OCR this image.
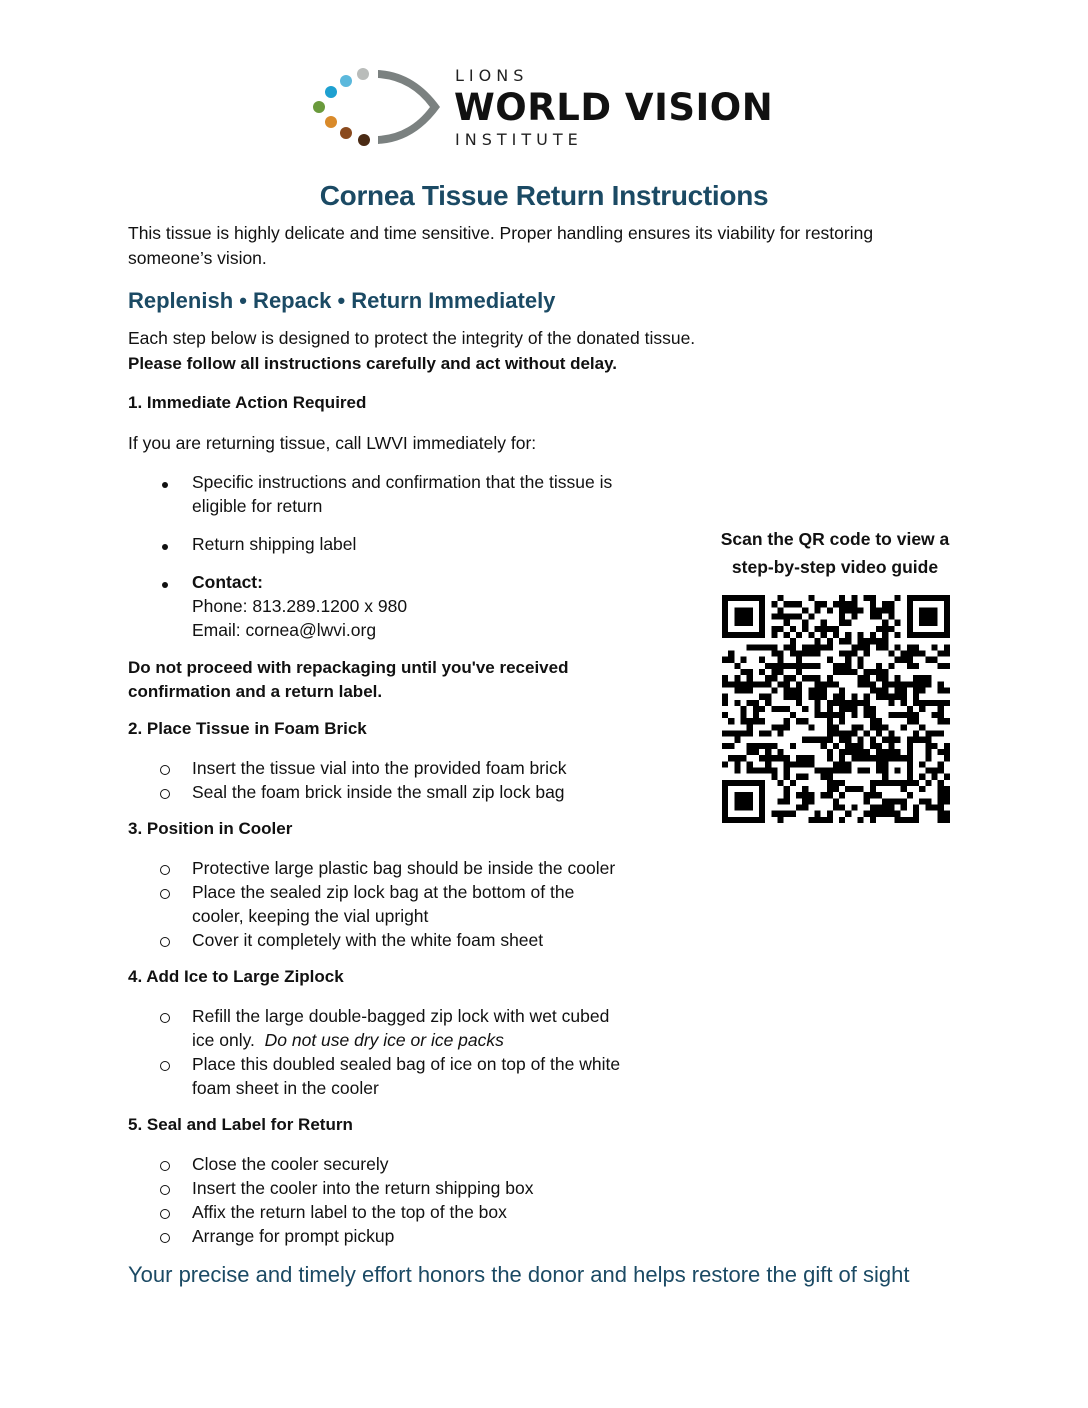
LIONS
WORLD VISION
INSTITUTE
Cornea Tissue Return Instructions
This tissue is highly delicate and time sensitive. Proper handling ensures its viability for restoring
someone’s vision.
Replenish • Repack • Return Immediately
Each step below is designed to protect the integrity of the donated tissue.
Please follow all instructions carefully and act without delay.
1. Immediate Action Required
If you are returning tissue, call LWVI immediately for:
Specific instructions and confirmation that the tissue is
eligible for return
Return shipping label
Contact:
Phone: 813.289.1200 x 980
Email: cornea@lwvi.org
Do not proceed with repackaging until you've received
confirmation and a return label.
2. Place Tissue in Foam Brick
Insert the tissue vial into the provided foam brick
Seal the foam brick inside the small zip lock bag
3. Position in Cooler
Protective large plastic bag should be inside the cooler
Place the sealed zip lock bag at the bottom of the
cooler, keeping the vial upright
Cover it completely with the white foam sheet
4. Add Ice to Large Ziplock
Refill the large double-bagged zip lock with wet cubed
ice only.  Do not use dry ice or ice packs
Place this doubled sealed bag of ice on top of the white
foam sheet in the cooler
5. Seal and Label for Return
Close the cooler securely
Insert the cooler into the return shipping box
Affix the return label to the top of the box
Arrange for prompt pickup
Scan the QR code to view a
step-by-step video guide
Your precise and timely effort honors the donor and helps restore the gift of sight
